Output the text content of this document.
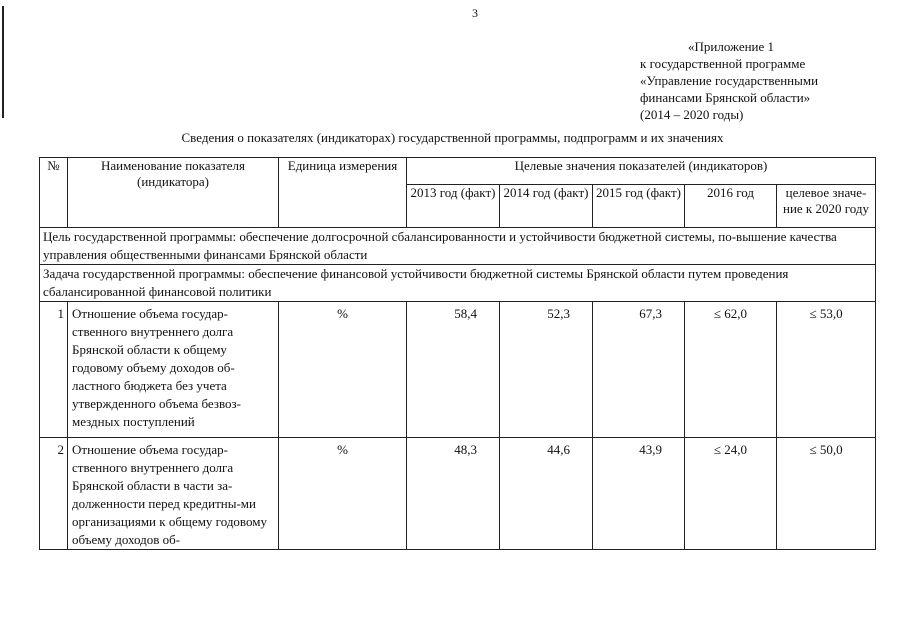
3
«Приложение 1
к государственной программе
«Управление государственными
финансами Брянской области»
(2014 – 2020 годы)
Сведения о показателях (индикаторах) государственной программы, подпрограмм и их значениях
№	Наименование показателя (индикатора)	Единица измерения	Целевые значения показателей (индикаторов)				
			2013 год (факт)	2014 год (факт)	2015 год (факт)	2016 год	целевое значе-ние к 2020 году
Цель государственной программы: обеспечение долгосрочной сбалансированности и устойчивости бюджетной системы, по-вышение качества управления общественными финансами Брянской области							
Задача государственной программы: обеспечение финансовой устойчивости бюджетной системы Брянской области путем проведения сбалансированной финансовой политики							
1	Отношение объема государ-ственного внутреннего долга Брянской области к общему годовому объему доходов об-ластного бюджета без учета утвержденного объема безвоз-мездных поступлений	%	58,4	52,3	67,3	≤ 62,0	≤ 53,0
2	Отношение объема государ-ственного внутреннего долга Брянской области в части за-долженности перед кредитны-ми организациями к общему годовому объему доходов об-	%	48,3	44,6	43,9	≤ 24,0	≤ 50,0
